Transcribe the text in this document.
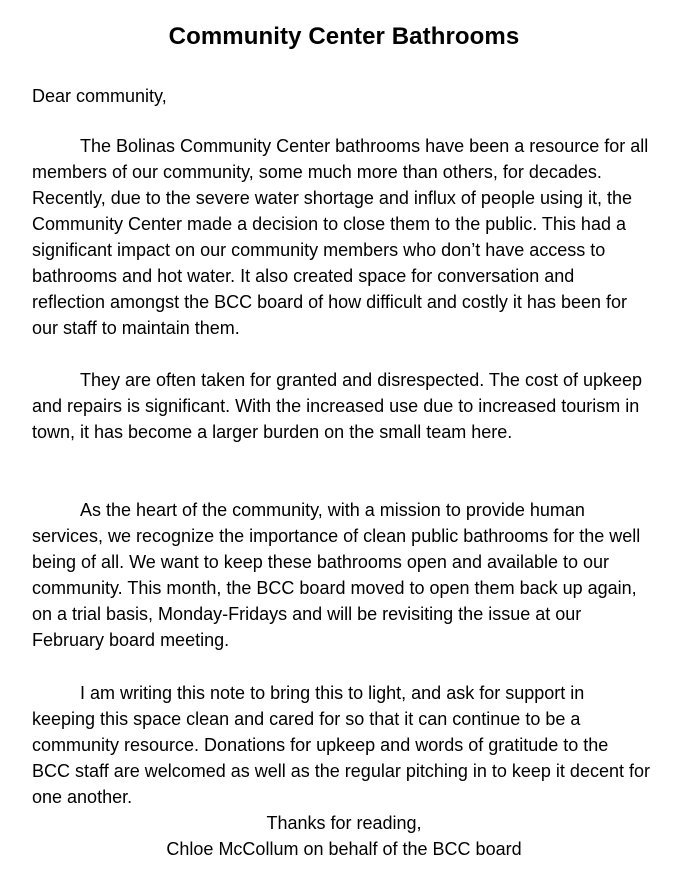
Community Center Bathrooms
Dear community,

The Bolinas Community Center bathrooms have been a resource for all members of our community, some much more than others, for decades. Recently, due to the severe water shortage and influx of people using it, the Community Center made a decision to close them to the public. This had a significant impact on our community members who don’t have access to bathrooms and hot water. It also created space for conversation and reflection amongst the BCC board of how difficult and costly it has been for our staff to maintain them.

They are often taken for granted and disrespected. The cost of upkeep and repairs is significant. With the increased use due to increased tourism in town, it has become a larger burden on the small team here.

As the heart of the community, with a mission to provide human services, we recognize the importance of clean public bathrooms for the well being of all. We want to keep these bathrooms open and available to our community. This month, the BCC board moved to open them back up again, on a trial basis, Monday-Fridays and will be revisiting the issue at our February board meeting.

I am writing this note to bring this to light, and ask for support in keeping this space clean and cared for so that it can continue to be a community resource. Donations for upkeep and words of gratitude to the BCC staff are welcomed as well as the regular pitching in to keep it decent for one another.

Thanks for reading,
Chloe McCollum on behalf of the BCC board
